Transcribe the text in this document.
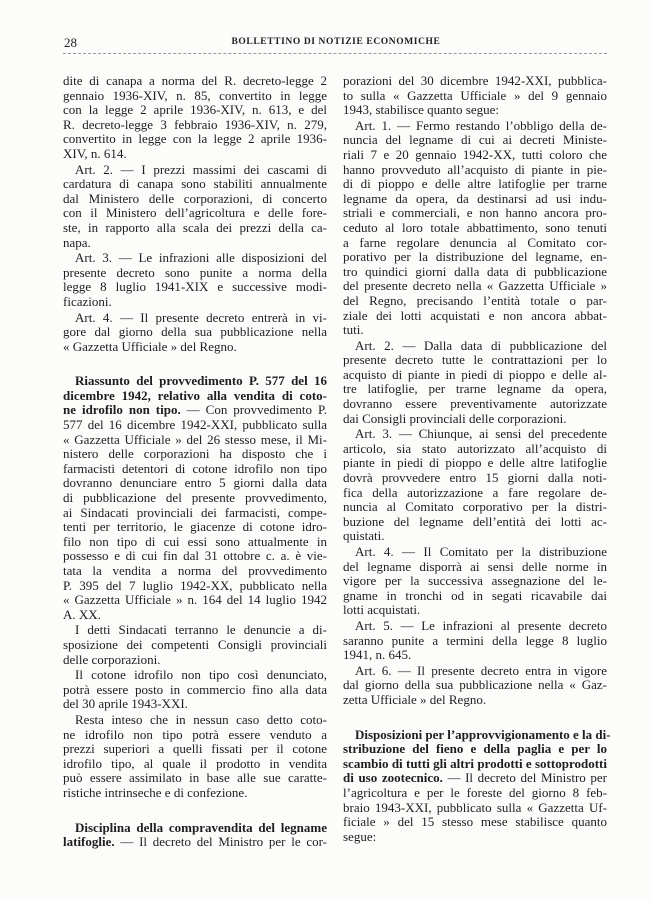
28	BOLLETTINO DI NOTIZIE ECONOMICHE
dite di canapa a norma del R. decreto-legge 2
gennaio 1936-XIV, n. 85, convertito in legge
con la legge 2 aprile 1936-XIV, n. 613, e del
R. decreto-legge 3 febbraio 1936-XIV, n. 279,
convertito in legge con la legge 2 aprile 1936-
XIV, n. 614.
Art. 2. — I prezzi massimi dei cascami di
cardatura di canapa sono stabiliti annualmente
dal Ministero delle corporazioni, di concerto
con il Ministero dell’agricoltura e delle fore-
ste, in rapporto alla scala dei prezzi della ca-
napa.
Art. 3. — Le infrazioni alle disposizioni del
presente decreto sono punite a norma della
legge 8 luglio 1941-XIX e successive modi-
ficazioni.
Art. 4. — Il presente decreto entrerà in vi-
gore dal giorno della sua pubblicazione nella
« Gazzetta Ufficiale » del Regno.
Riassunto del provvedimento P. 577 del 16
dicembre 1942, relativo alla vendita di coto-
ne idrofilo non tipo. — Con provvedimento P.
577 del 16 dicembre 1942-XXI, pubblicato sulla
« Gazzetta Ufficiale » del 26 stesso mese, il Mi-
nistero delle corporazioni ha disposto che i
farmacisti detentori di cotone idrofilo non tipo
dovranno denunciare entro 5 giorni dalla data
di pubblicazione del presente provvedimento,
ai Sindacati provinciali dei farmacisti, compe-
tenti per territorio, le giacenze di cotone idro-
filo non tipo di cui essi sono attualmente in
possesso e di cui fin dal 31 ottobre c. a. è vie-
tata la vendita a norma del provvedimento
P. 395 del 7 luglio 1942-XX, pubblicato nella
« Gazzetta Ufficiale » n. 164 del 14 luglio 1942
A. XX.
I detti Sindacati terranno le denuncie a di-
sposizione dei competenti Consigli provinciali
delle corporazioni.
Il cotone idrofilo non tipo così denunciato,
potrà essere posto in commercio fino alla data
del 30 aprile 1943-XXI.
Resta inteso che in nessun caso detto coto-
ne idrofilo non tipo potrà essere venduto a
prezzi superiori a quelli fissati per il cotone
idrofilo tipo, al quale il prodotto in vendita
può essere assimilato in base alle sue caratte-
ristiche intrinseche e di confezione.
Disciplina della compravendita del legname
latifoglie. — Il decreto del Ministro per le cor-
porazioni del 30 dicembre 1942-XXI, pubblica-
to sulla « Gazzetta Ufficiale » del 9 gennaio
1943, stabilisce quanto segue:
Art. 1. — Fermo restando l’obbligo della de-
nuncia del legname di cui ai decreti Ministe-
riali 7 e 20 gennaio 1942-XX, tutti coloro che
hanno provveduto all’acquisto di piante in pie-
di di pioppo e delle altre latifoglie per trarne
legname da opera, da destinarsi ad usi indu-
striali e commerciali, e non hanno ancora pro-
ceduto al loro totale abbattimento, sono tenuti
a farne regolare denuncia al Comitato cor-
porativo per la distribuzione del legname, en-
tro quindici giorni dalla data di pubblicazione
del presente decreto nella « Gazzetta Ufficiale »
del Regno, precisando l’entità totale o par-
ziale dei lotti acquistati e non ancora abbat-
tuti.
Art. 2. — Dalla data di pubblicazione del
presente decreto tutte le contrattazioni per lo
acquisto di piante in piedi di pioppo e delle al-
tre latifoglie, per trarne legname da opera,
dovranno essere preventivamente autorizzate
dai Consigli provinciali delle corporazioni.
Art. 3. — Chiunque, ai sensi del precedente
articolo, sia stato autorizzato all’acquisto di
piante in piedi di pioppo e delle altre latifoglie
dovrà provvedere entro 15 giorni dalla noti-
fica della autorizzazione a fare regolare de-
nuncia al Comitato corporativo per la distri-
buzione del legname dell’entità dei lotti ac-
quistati.
Art. 4. — Il Comitato per la distribuzione
del legname disporrà ai sensi delle norme in
vigore per la successiva assegnazione del le-
gname in tronchi od in segati ricavabile dai
lotti acquistati.
Art. 5. — Le infrazioni al presente decreto
saranno punite a termini della legge 8 luglio
1941, n. 645.
Art. 6. — Il presente decreto entra in vigore
dal giorno della sua pubblicazione nella « Gaz-
zetta Ufficiale » del Regno.
Disposizioni per l’approvvigionamento e la di-
stribuzione del fieno e della paglia e per lo
scambio di tutti gli altri prodotti e sottoprodotti
di uso zootecnico. — Il decreto del Ministro per
l’agricoltura e per le foreste del giorno 8 feb-
braio 1943-XXI, pubblicato sulla « Gazzetta Uf-
ficiale » del 15 stesso mese stabilisce quanto
segue:
